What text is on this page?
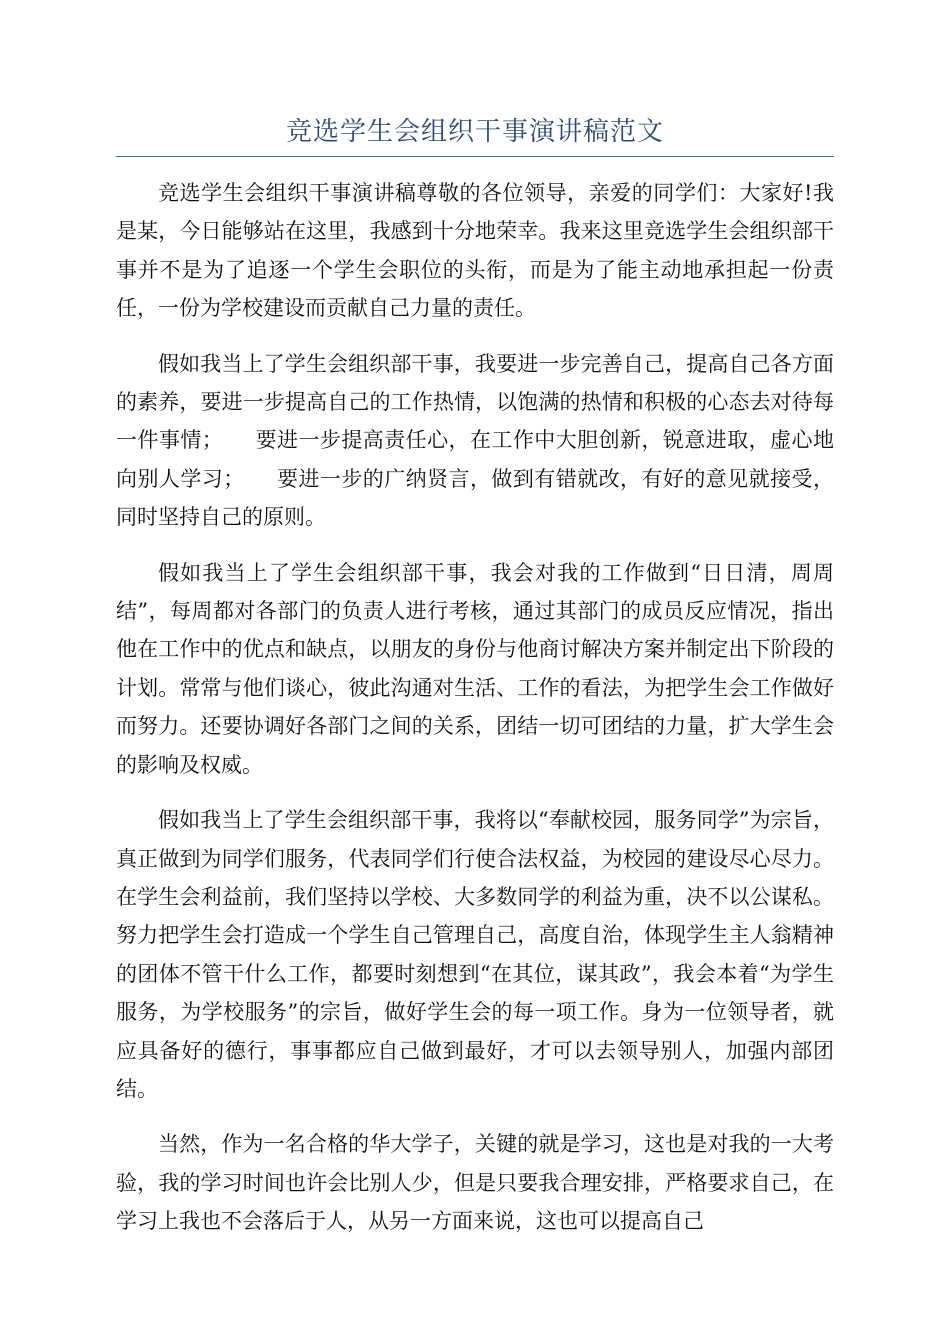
竞选学生会组织干事演讲稿范文

竞选学生会组织干事演讲稿尊敬的各位领导，亲爱的同学们：大家好!我是某，今日能够站在这里，我感到十分地荣幸。我来这里竞选学生会组织部干事并不是为了追逐一个学生会职位的头衔，而是为了能主动地承担起一份责任，一份为学校建设而贡献自己力量的责任。

假如我当上了学生会组织部干事，我要进一步完善自己，提高自己各方面的素养，要进一步提高自己的工作热情，以饱满的热情和积极的心态去对待每一件事情；　　要进一步提高责任心，在工作中大胆创新，锐意进取，虚心地向别人学习；　　要进一步的广纳贤言，做到有错就改，有好的意见就接受，同时坚持自己的原则。

假如我当上了学生会组织部干事，我会对我的工作做到“日日清，周周结”，每周都对各部门的负责人进行考核，通过其部门的成员反应情况，指出他在工作中的优点和缺点，以朋友的身份与他商讨解决方案并制定出下阶段的计划。常常与他们谈心，彼此沟通对生活、工作的看法，为把学生会工作做好而努力。还要协调好各部门之间的关系，团结一切可团结的力量，扩大学生会的影响及权威。

假如我当上了学生会组织部干事，我将以“奉献校园，服务同学”为宗旨，真正做到为同学们服务，代表同学们行使合法权益，为校园的建设尽心尽力。在学生会利益前，我们坚持以学校、大多数同学的利益为重，决不以公谋私。努力把学生会打造成一个学生自己管理自己，高度自治，体现学生主人翁精神的团体不管干什么工作，都要时刻想到“在其位，谋其政”，我会本着“为学生服务，为学校服务”的宗旨，做好学生会的每一项工作。身为一位领导者，就应具备好的德行，事事都应自己做到最好，才可以去领导别人，加强内部团结。

当然，作为一名合格的华大学子，关键的就是学习，这也是对我的一大考验，我的学习时间也许会比别人少，但是只要我合理安排，严格要求自己，在学习上我也不会落后于人，从另一方面来说，这也可以提高自己
